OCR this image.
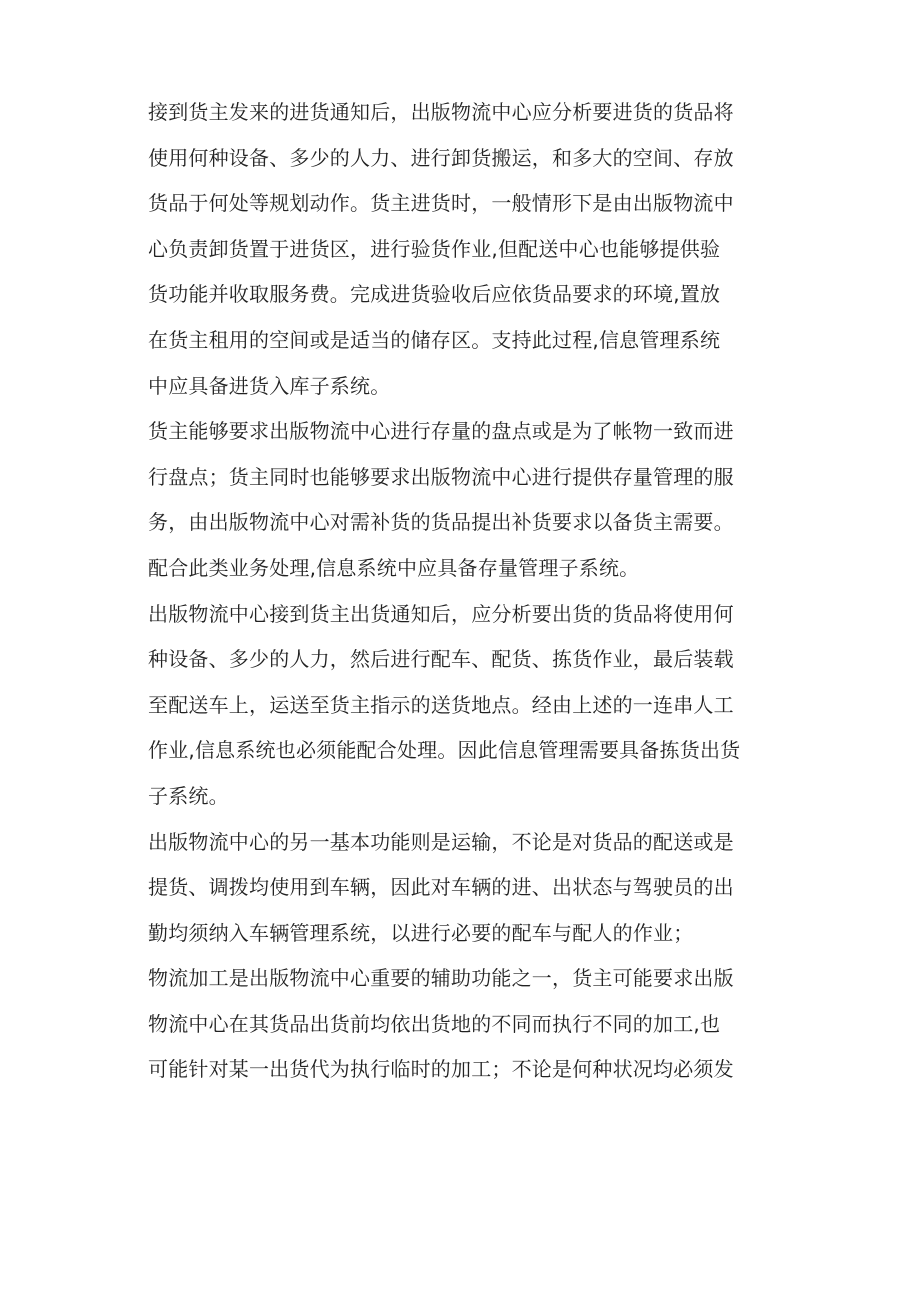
接到货主发来的进货通知后，出版物流中心应分析要进货的货品将
使用何种设备、多少的人力、进行卸货搬运，和多大的空间、存放
货品于何处等规划动作。货主进货时，一般情形下是由出版物流中
心负责卸货置于进货区，进行验货作业,但配送中心也能够提供验
货功能并收取服务费。完成进货验收后应依货品要求的环境,置放
在货主租用的空间或是适当的储存区。支持此过程,信息管理系统
中应具备进货入库子系统。
货主能够要求出版物流中心进行存量的盘点或是为了帐物一致而进
行盘点；货主同时也能够要求出版物流中心进行提供存量管理的服
务，由出版物流中心对需补货的货品提出补货要求以备货主需要。
配合此类业务处理,信息系统中应具备存量管理子系统。
出版物流中心接到货主出货通知后，应分析要出货的货品将使用何
种设备、多少的人力，然后进行配车、配货、拣货作业，最后装载
至配送车上，运送至货主指示的送货地点。经由上述的一连串人工
作业,信息系统也必须能配合处理。因此信息管理需要具备拣货出货
子系统。
出版物流中心的另一基本功能则是运输，不论是对货品的配送或是
提货、调拨均使用到车辆，因此对车辆的进、出状态与驾驶员的出
勤均须纳入车辆管理系统，以进行必要的配车与配人的作业；
物流加工是出版物流中心重要的辅助功能之一，货主可能要求出版
物流中心在其货品出货前均依出货地的不同而执行不同的加工,也
可能针对某一出货代为执行临时的加工；不论是何种状况均必须发
